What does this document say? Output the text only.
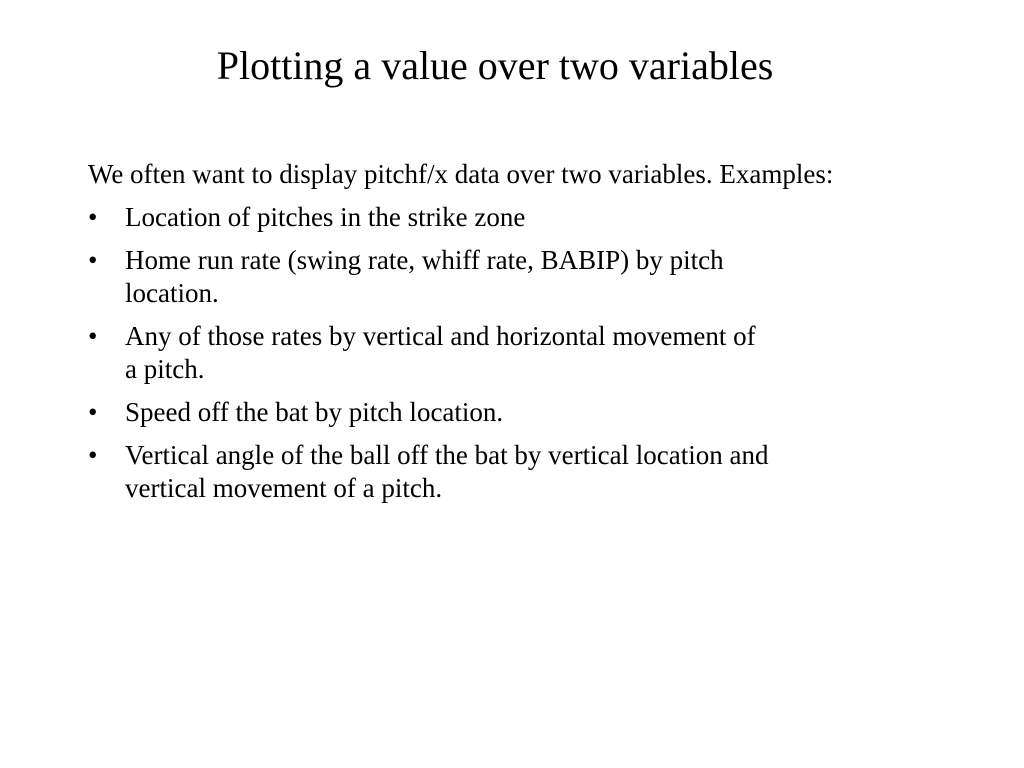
Plotting a value over two variables

We often want to display pitchf/x data over two variables. Examples:

• Location of pitches in the strike zone
• Home run rate (swing rate, whiff rate, BABIP) by pitch location.
• Any of those rates by vertical and horizontal movement of a pitch.
• Speed off the bat by pitch location.
• Vertical angle of the ball off the bat by vertical location and vertical movement of a pitch.
